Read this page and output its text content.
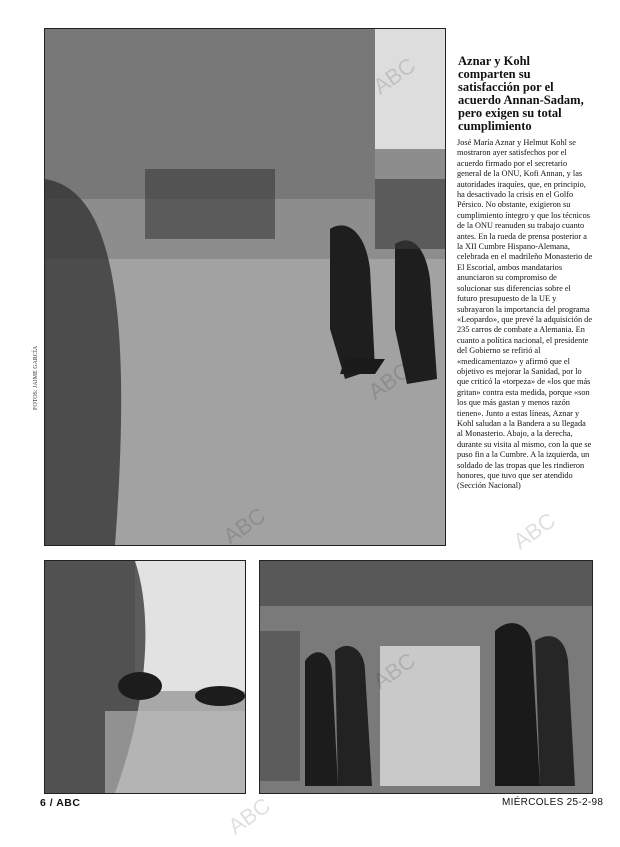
FOTOS: JAIME GARCÍA
Aznar y Kohl comparten su satisfacción por el acuerdo Annan-Sadam, pero exigen su total cumplimiento

José María Aznar y Helmut Kohl se mostraron ayer satisfechos por el acuerdo firmado por el secretario general de la ONU, Kofi Annan, y las autoridades iraquíes, que, en principio, ha desactivado la crisis en el Golfo Pérsico. No obstante, exigieron su cumplimiento íntegro y que los técnicos de la ONU reanuden su trabajo cuanto antes. En la rueda de prensa posterior a la XII Cumbre Hispano-Alemana, celebrada en el madrileño Monasterio de El Escorial, ambos mandatarios anunciaron su compromiso de solucionar sus diferencias sobre el futuro presupuesto de la UE y subrayaron la importancia del programa «Leopardo», que prevé la adquisición de 235 carros de combate a Alemania. En cuanto a política nacional, el presidente del Gobierno se refirió al «medicamentazo» y afirmó que el objetivo es mejorar la Sanidad, por lo que criticó la «torpeza» de «los que más gritan» contra esta medida, porque «son los que más gastan y menos razón tienen». Junto a estas líneas, Aznar y Kohl saludan a la Bandera a su llegada al Monasterio. Abajo, a la derecha, durante su visita al mismo, con la que se puso fin a la Cumbre. A la izquierda, un soldado de las tropas que les rindieron honores, que tuvo que ser atendido (Sección Nacional)

6 / ABC	MIÉRCOLES 25-2-98
ABC
ABC
